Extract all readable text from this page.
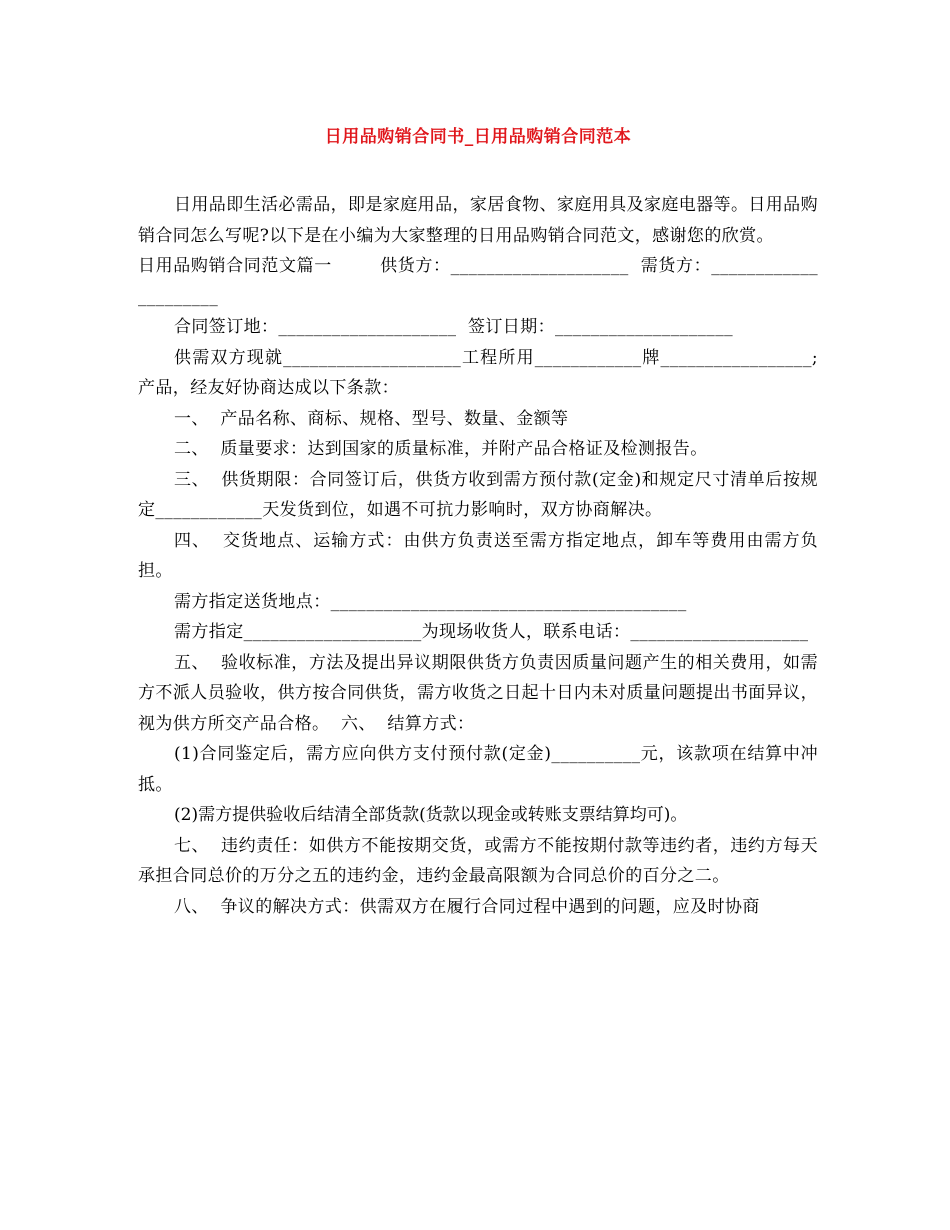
日用品购销合同书_日用品购销合同范本

日用品即生活必需品，即是家庭用品，家居食物、家庭用具及家庭电器等。日用品购销合同怎么写呢?以下是在小编为大家整理的日用品购销合同范文，感谢您的欣赏。

日用品购销合同范文篇一        供货方：____________________  需货方：_____________________

合同签订地：____________________  签订日期：____________________

供需双方现就____________________工程所用____________牌_________________;产品，经友好协商达成以下条款：

一、  产品名称、商标、规格、型号、数量、金额等

二、  质量要求：达到国家的质量标准，并附产品合格证及检测报告。

三、  供货期限：合同签订后，供货方收到需方预付款(定金)和规定尺寸清单后按规定____________天发货到位，如遇不可抗力影响时，双方协商解决。

四、  交货地点、运输方式：由供方负责送至需方指定地点，卸车等费用由需方负担。

需方指定送货地点：________________________________________

需方指定____________________为现场收货人，联系电话：____________________

五、  验收标准，方法及提出异议期限供货方负责因质量问题产生的相关费用，如需方不派人员验收，供方按合同供货，需方收货之日起十日内未对质量问题提出书面异议，视为供方所交产品合格。  六、  结算方式：

(1)合同鉴定后，需方应向供方支付预付款(定金)__________元，该款项在结算中冲抵。

(2)需方提供验收后结清全部货款(货款以现金或转账支票结算均可)。

七、  违约责任：如供方不能按期交货，或需方不能按期付款等违约者，违约方每天承担合同总价的万分之五的违约金，违约金最高限额为合同总价的百分之二。

八、  争议的解决方式：供需双方在履行合同过程中遇到的问题，应及时协商
